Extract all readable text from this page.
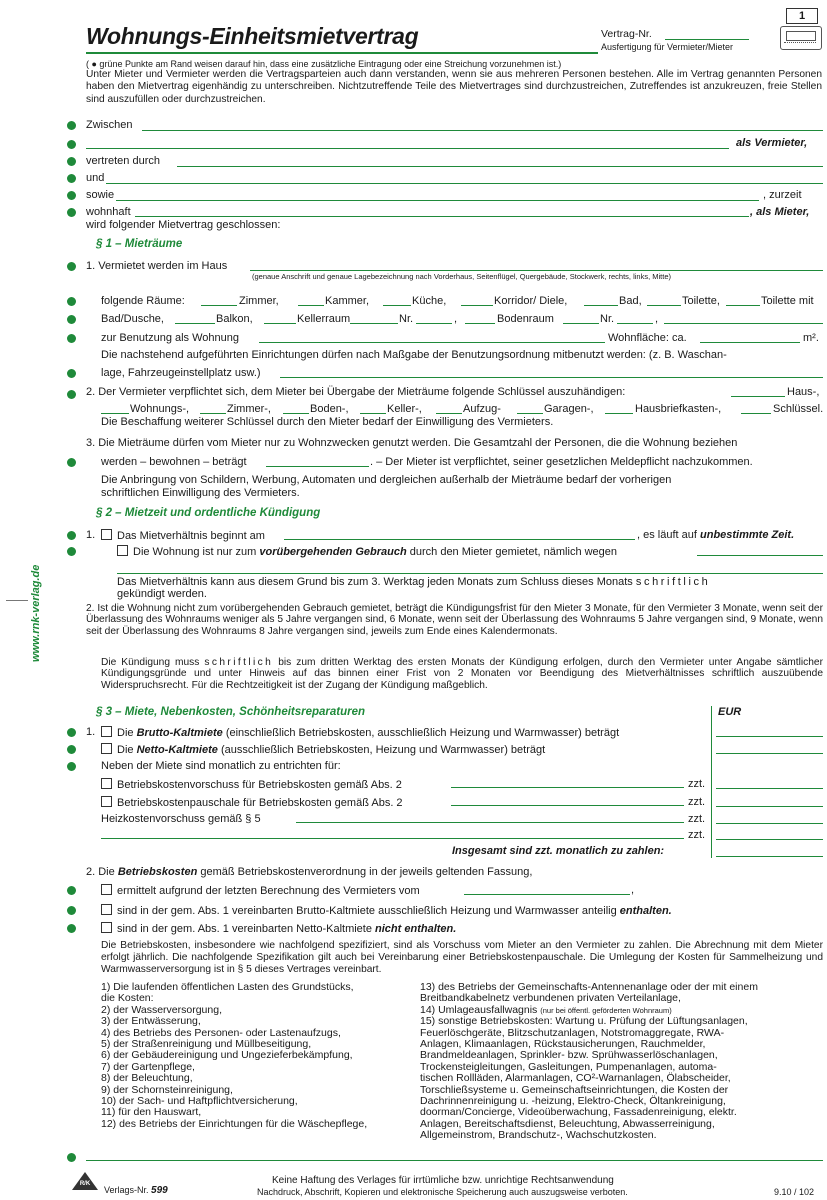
Wohnungs-Einheitsmietvertrag	Vertrag-Nr.
Ausfertigung für Vermieter/Mieter
1
( ● grüne Punkte am Rand weisen darauf hin, dass eine zusätzliche Eintragung oder eine Streichung vorzunehmen ist.)
Unter Mieter und Vermieter werden die Vertragsparteien auch dann verstanden, wenn sie aus mehreren Personen bestehen. Alle im Vertrag genannten Personen haben den Mietvertrag eigenhändig zu unterschreiben. Nichtzutreffende Teile des Mietvertrages sind durchzustreichen, Zutreffendes ist anzukreuzen, freie Stellen sind auszufüllen oder durchzustreichen.
www.rnk-verlag.de
Zwischen
als Vermieter,
vertreten durch
und
sowie	, zurzeit
wohnhaft	, als Mieter,
wird folgender Mietvertrag geschlossen:
§ 1 – Mieträume
1. Vermietet werden im Haus
(genaue Anschrift und genaue Lagebezeichnung nach Vorderhaus, Seitenflügel, Quergebäude, Stockwerk, rechts, links, Mitte)
folgende Räume:	Zimmer,	Kammer,	Küche,	Korridor/ Diele,	Bad,	Toilette,	Toilette mit
Bad/Dusche,	Balkon,	Kellerraum	Nr.	,	Bodenraum	Nr.	,
zur Benutzung als Wohnung	Wohnfläche: ca.	m².
Die nachstehend aufgeführten Einrichtungen dürfen nach Maßgabe der Benutzungsordnung mitbenutzt werden: (z. B. Waschan-
lage, Fahrzeugeinstellplatz usw.)
2. Der Vermieter verpflichtet sich, dem Mieter bei Übergabe der Mieträume folgende Schlüssel auszuhändigen:	Haus-,
Wohnungs-,	Zimmer-,	Boden-,	Keller-,	Aufzug-	Garagen-,	Hausbriefkasten-,	Schlüssel.
Die Beschaffung weiterer Schlüssel durch den Mieter bedarf der Einwilligung des Vermieters.
3. Die Mieträume dürfen vom Mieter nur zu Wohnzwecken genutzt werden. Die Gesamtzahl der Personen, die die Wohnung beziehen
werden – bewohnen – beträgt	. – Der Mieter ist verpflichtet, seiner gesetzlichen Meldepflicht nachzukommen.
Die Anbringung von Schildern, Werbung, Automaten und dergleichen außerhalb der Mieträume bedarf der vorherigen schriftlichen Einwilligung des Vermieters.
§ 2 – Mietzeit und ordentliche Kündigung
1.	Das Mietverhältnis beginnt am	, es läuft auf unbestimmte Zeit.
Die Wohnung ist nur zum vorübergehenden Gebrauch durch den Mieter gemietet, nämlich wegen
Das Mietverhältnis kann aus diesem Grund bis zum 3. Werktag jeden Monats zum Schluss dieses Monats schriftlich
gekündigt werden.
2. Ist die Wohnung nicht zum vorübergehenden Gebrauch gemietet, beträgt die Kündigungsfrist für den Mieter 3 Monate, für den Vermieter 3 Monate, wenn seit der Überlassung des Wohnraums weniger als 5 Jahre vergangen sind, 6 Monate, wenn seit der Überlassung des Wohnraums 5 Jahre vergangen sind, 9 Monate, wenn seit der Überlassung des Wohnraums 8 Jahre vergangen sind, jeweils zum Ende eines Kalendermonats.
Die Kündigung muss schriftlich bis zum dritten Werktag des ersten Monats der Kündigung erfolgen, durch den Vermieter unter Angabe sämtlicher Kündigungsgründe und unter Hinweis auf das binnen einer Frist von 2 Monaten vor Beendigung des Mietverhältnisses schriftlich auszuübende Widerspruchsrecht. Für die Rechtzeitigkeit ist der Zugang der Kündigung maßgeblich.
§ 3 – Miete, Nebenkosten, Schönheitsreparaturen	EUR
1.	Die Brutto-Kaltmiete (einschließlich Betriebskosten, ausschließlich Heizung und Warmwasser) beträgt
Die Netto-Kaltmiete (ausschließlich Betriebskosten, Heizung und Warmwasser) beträgt
Neben der Miete sind monatlich zu entrichten für:
Betriebskostenvorschuss für Betriebskosten gemäß Abs. 2	zzt.
Betriebskostenpauschale für Betriebskosten gemäß Abs. 2	zzt.
Heizkostenvorschuss gemäß § 5	zzt.
zzt.
Insgesamt sind zzt. monatlich zu zahlen:
2. Die Betriebskosten gemäß Betriebskostenverordnung in der jeweils geltenden Fassung,
ermittelt aufgrund der letzten Berechnung des Vermieters vom	,
sind in der gem. Abs. 1 vereinbarten Brutto-Kaltmiete ausschließlich Heizung und Warmwasser anteilig enthalten.
sind in der gem. Abs. 1 vereinbarten Netto-Kaltmiete nicht enthalten.
Die Betriebskosten, insbesondere wie nachfolgend spezifiziert, sind als Vorschuss vom Mieter an den Vermieter zu zahlen. Die Abrechnung mit dem Mieter erfolgt jährlich. Die nachfolgende Spezifikation gilt auch bei Vereinbarung einer Betriebskostenpauschale. Die Umlegung der Kosten für Sammelheizung und Warmwasserversorgung ist in § 5 dieses Vertrages vereinbart.
1) Die laufenden öffentlichen Lasten des Grundstücks,
die Kosten:
2) der Wasserversorgung,
3) der Entwässerung,
4) des Betriebs des Personen- oder Lastenaufzugs,
5) der Straßenreinigung und Müllbeseitigung,
6) der Gebäudereinigung und Ungezieferbekämpfung,
7) der Gartenpflege,
8) der Beleuchtung,
9) der Schornsteinreinigung,
10) der Sach- und Haftpflichtversicherung,
11) für den Hauswart,
12) des Betriebs der Einrichtungen für die Wäschepflege,
13) des Betriebs der Gemeinschafts-Antennenanlage oder der mit einem
Breitbandkabelnetz verbundenen privaten Verteilanlage,
14) Umlageausfallwagnis (nur bei öffentl. geförderten Wohnraum)
15) sonstige Betriebskosten: Wartung u. Prüfung der Lüftungsanlagen,
Feuerlöschgeräte, Blitzschutzanlagen, Notstromaggregate, RWA-
Anlagen, Klimaanlagen, Rückstausicherungen, Rauchmelder,
Brandmeldeanlagen, Sprinkler- bzw. Sprühwasserlöschanlagen,
Trockensteigleitungen, Gasleitungen, Pumpenanlagen, automa-
tischen Rollläden, Alarmanlagen, CO²-Warnanlagen, Ölabscheider,
Torschließsysteme u. Gemeinschaftseinrichtungen, die Kosten der
Dachrinnenreinigung u. -heizung, Elektro-Check, Öltankreinigung,
doorman/Concierge, Videoüberwachung, Fassadenreinigung, elektr.
Anlagen, Bereitschaftsdienst, Beleuchtung, Abwasserreinigung,
Allgemeinstrom, Brandschutz-, Wachschutzkosten.
R/K
Verlags-Nr. 599
Keine Haftung des Verlages für irrtümliche bzw. unrichtige Rechtsanwendung
Nachdruck, Abschrift, Kopieren und elektronische Speicherung auch auszugsweise verboten.	9.10 / 102
